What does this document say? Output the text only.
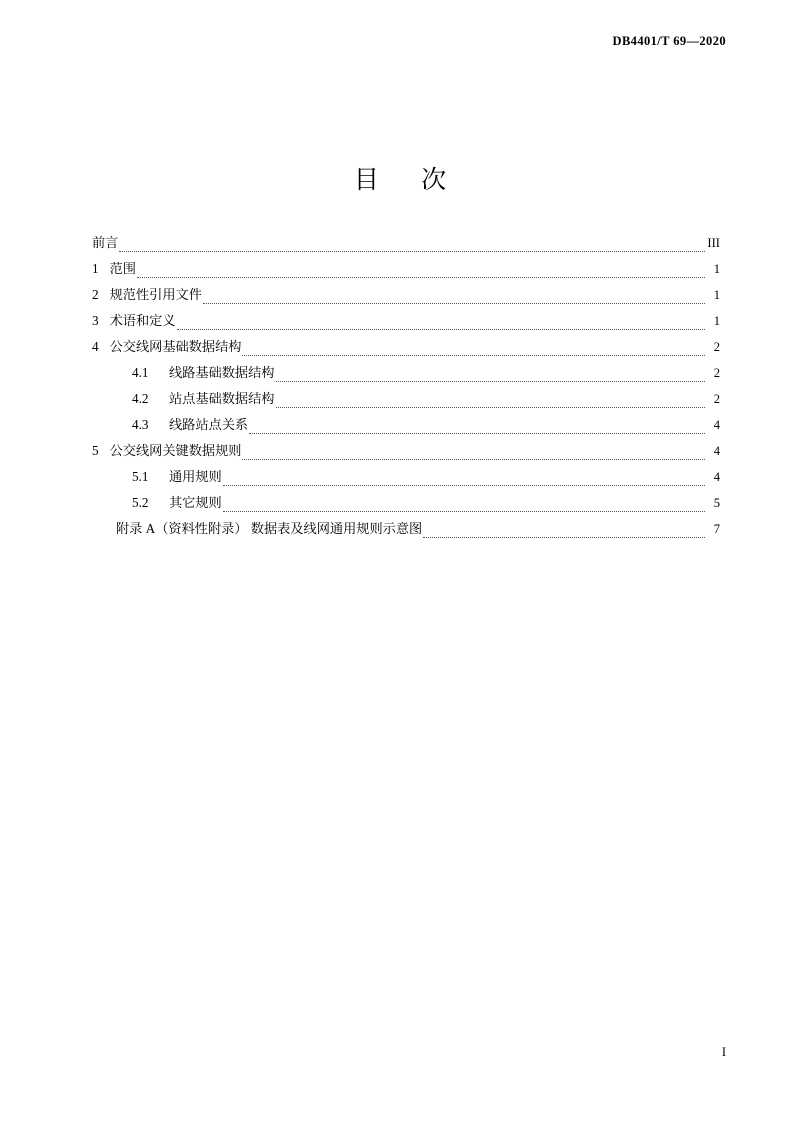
DB4401/T 69—2020
目 次
前言	III
1 范围	1
2 规范性引用文件	1
3 术语和定义	1
4 公交线网基础数据结构	2
4.1	线路基础数据结构	2
4.2	站点基础数据结构	2
4.3	线路站点关系	4
5 公交线网关键数据规则	4
5.1	通用规则	4
5.2	其它规则	5
附录 A（资料性附录） 数据表及线网通用规则示意图	7
I
